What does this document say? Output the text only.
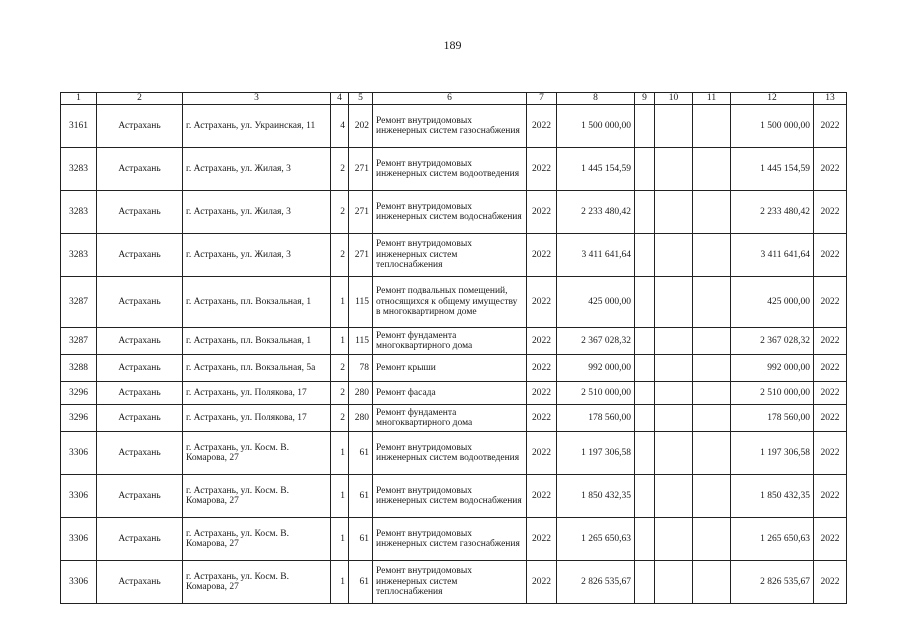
189
1	2	3	4	5	6	7	8	9	10	11	12	13
3161	Астрахань	г. Астрахань, ул. Украинская, 11	4	202	Ремонт внутридомовых инженерных систем газоснабжения	2022	1 500 000,00				1 500 000,00	2022
3283	Астрахань	г. Астрахань, ул. Жилая, 3	2	271	Ремонт внутридомовых инженерных систем водоотведения	2022	1 445 154,59				1 445 154,59	2022
3283	Астрахань	г. Астрахань, ул. Жилая, 3	2	271	Ремонт внутридомовых инженерных систем водоснабжения	2022	2 233 480,42				2 233 480,42	2022
3283	Астрахань	г. Астрахань, ул. Жилая, 3	2	271	Ремонт внутридомовых инженерных систем теплоснабжения	2022	3 411 641,64				3 411 641,64	2022
3287	Астрахань	г. Астрахань, пл. Вокзальная, 1	1	115	Ремонт подвальных помещений, относящихся к общему имуществу в многоквартирном доме	2022	425 000,00				425 000,00	2022
3287	Астрахань	г. Астрахань, пл. Вокзальная, 1	1	115	Ремонт фундамента многоквартирного дома	2022	2 367 028,32				2 367 028,32	2022
3288	Астрахань	г. Астрахань, пл. Вокзальная, 5а	2	78	Ремонт крыши	2022	992 000,00				992 000,00	2022
3296	Астрахань	г. Астрахань, ул. Полякова, 17	2	280	Ремонт фасада	2022	2 510 000,00				2 510 000,00	2022
3296	Астрахань	г. Астрахань, ул. Полякова, 17	2	280	Ремонт фундамента многоквартирного дома	2022	178 560,00				178 560,00	2022
3306	Астрахань	г. Астрахань, ул. Косм. В. Комарова, 27	1	61	Ремонт внутридомовых инженерных систем водоотведения	2022	1 197 306,58				1 197 306,58	2022
3306	Астрахань	г. Астрахань, ул. Косм. В. Комарова, 27	1	61	Ремонт внутридомовых инженерных систем водоснабжения	2022	1 850 432,35				1 850 432,35	2022
3306	Астрахань	г. Астрахань, ул. Косм. В. Комарова, 27	1	61	Ремонт внутридомовых инженерных систем газоснабжения	2022	1 265 650,63				1 265 650,63	2022
3306	Астрахань	г. Астрахань, ул. Косм. В. Комарова, 27	1	61	Ремонт внутридомовых инженерных систем теплоснабжения	2022	2 826 535,67				2 826 535,67	2022
